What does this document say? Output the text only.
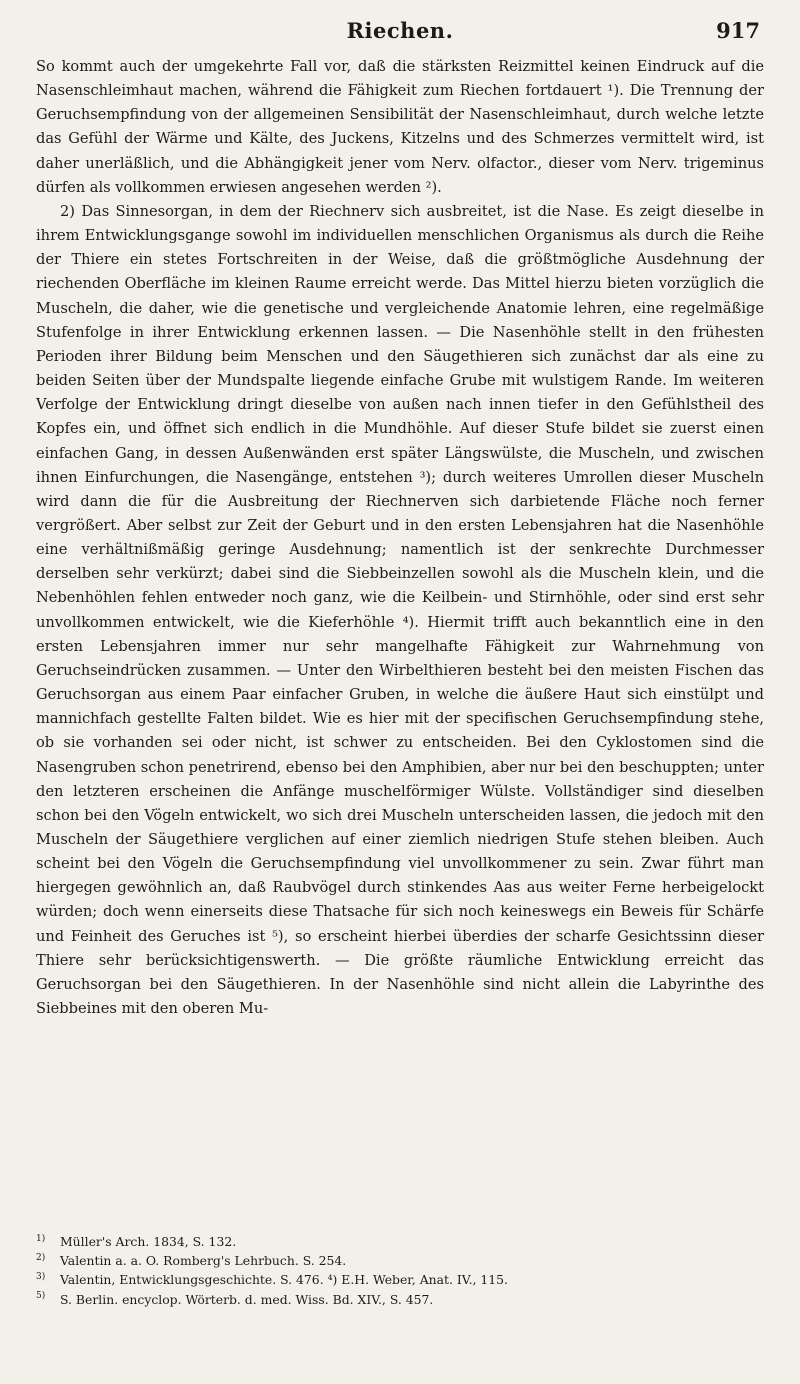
Riechen.	917

So kommt auch der umgekehrte Fall vor, daß die stärksten Reizmittel keinen Eindruck auf die Nasenschleimhaut machen, während die Fähigkeit zum Riechen fortdauert ¹). Die Trennung der Geruchsempfindung von der allgemeinen Sensibilität der Nasenschleimhaut, durch welche letzte das Gefühl der Wärme und Kälte, des Juckens, Kitzelns und des Schmerzes vermittelt wird, ist daher unerläßlich, und die Abhängigkeit jener vom Nerv. olfactor., dieser vom Nerv. trigeminus dürfen als vollkommen erwiesen angesehen werden ²).

2) Das Sinnesorgan, in dem der Riechnerv sich ausbreitet, ist die Nase. Es zeigt dieselbe in ihrem Entwicklungsgange sowohl im individuellen menschlichen Organismus als durch die Reihe der Thiere ein stetes Fortschreiten in der Weise, daß die größtmögliche Ausdehnung der riechenden Oberfläche im kleinen Raume erreicht werde. Das Mittel hierzu bieten vorzüglich die Muscheln, die daher, wie die genetische und vergleichende Anatomie lehren, eine regelmäßige Stufenfolge in ihrer Entwicklung erkennen lassen. — Die Nasenhöhle stellt in den frühesten Perioden ihrer Bildung beim Menschen und den Säugethieren sich zunächst dar als eine zu beiden Seiten über der Mundspalte liegende einfache Grube mit wulstigem Rande. Im weiteren Verfolge der Entwicklung dringt dieselbe von außen nach innen tiefer in den Gefühlstheil des Kopfes ein, und öffnet sich endlich in die Mundhöhle. Auf dieser Stufe bildet sie zuerst einen einfachen Gang, in dessen Außenwänden erst später Längswülste, die Muscheln, und zwischen ihnen Einfurchungen, die Nasengänge, entstehen ³); durch weiteres Umrollen dieser Muscheln wird dann die für die Ausbreitung der Riechnerven sich darbietende Fläche noch ferner vergrößert. Aber selbst zur Zeit der Geburt und in den ersten Lebensjahren hat die Nasenhöhle eine verhältnißmäßig geringe Ausdehnung; namentlich ist der senkrechte Durchmesser derselben sehr verkürzt; dabei sind die Siebbeinzellen sowohl als die Muscheln klein, und die Nebenhöhlen fehlen entweder noch ganz, wie die Keilbein- und Stirnhöhle, oder sind erst sehr unvollkommen entwickelt, wie die Kieferhöhle ⁴). Hiermit trifft auch bekanntlich eine in den ersten Lebensjahren immer nur sehr mangelhafte Fähigkeit zur Wahrnehmung von Geruchseindrücken zusammen. — Unter den Wirbelthieren besteht bei den meisten Fischen das Geruchsorgan aus einem Paar einfacher Gruben, in welche die äußere Haut sich einstülpt und mannichfach gestellte Falten bildet. Wie es hier mit der specifischen Geruchsempfindung stehe, ob sie vorhanden sei oder nicht, ist schwer zu entscheiden. Bei den Cyklostomen sind die Nasengruben schon penetrirend, ebenso bei den Amphibien, aber nur bei den beschuppten; unter den letzteren erscheinen die Anfänge muschelförmiger Wülste. Vollständiger sind dieselben schon bei den Vögeln entwickelt, wo sich drei Muscheln unterscheiden lassen, die jedoch mit den Muscheln der Säugethiere verglichen auf einer ziemlich niedrigen Stufe stehen bleiben. Auch scheint bei den Vögeln die Geruchsempfindung viel unvollkommener zu sein. Zwar führt man hiergegen gewöhnlich an, daß Raubvögel durch stinkendes Aas aus weiter Ferne herbeigelockt würden; doch wenn einerseits diese Thatsache für sich noch keineswegs ein Beweis für Schärfe und Feinheit des Geruches ist ⁵), so erscheint hierbei überdies der scharfe Gesichtssinn dieser Thiere sehr berücksichtigenswerth. — Die größte räumliche Entwicklung erreicht das Geruchsorgan bei den Säugethieren. In der Nasenhöhle sind nicht allein die Labyrinthe des Siebbeines mit den oberen Mu-

1) Müller's Arch. 1834, S. 132.
2) Valentin a. a. O. Romberg's Lehrbuch. S. 254.
3) Valentin, Entwicklungsgeschichte. S. 476. ⁴) E.H. Weber, Anat. IV., 115.
5) S. Berlin. encyclop. Wörterb. d. med. Wiss. Bd. XIV., S. 457.
